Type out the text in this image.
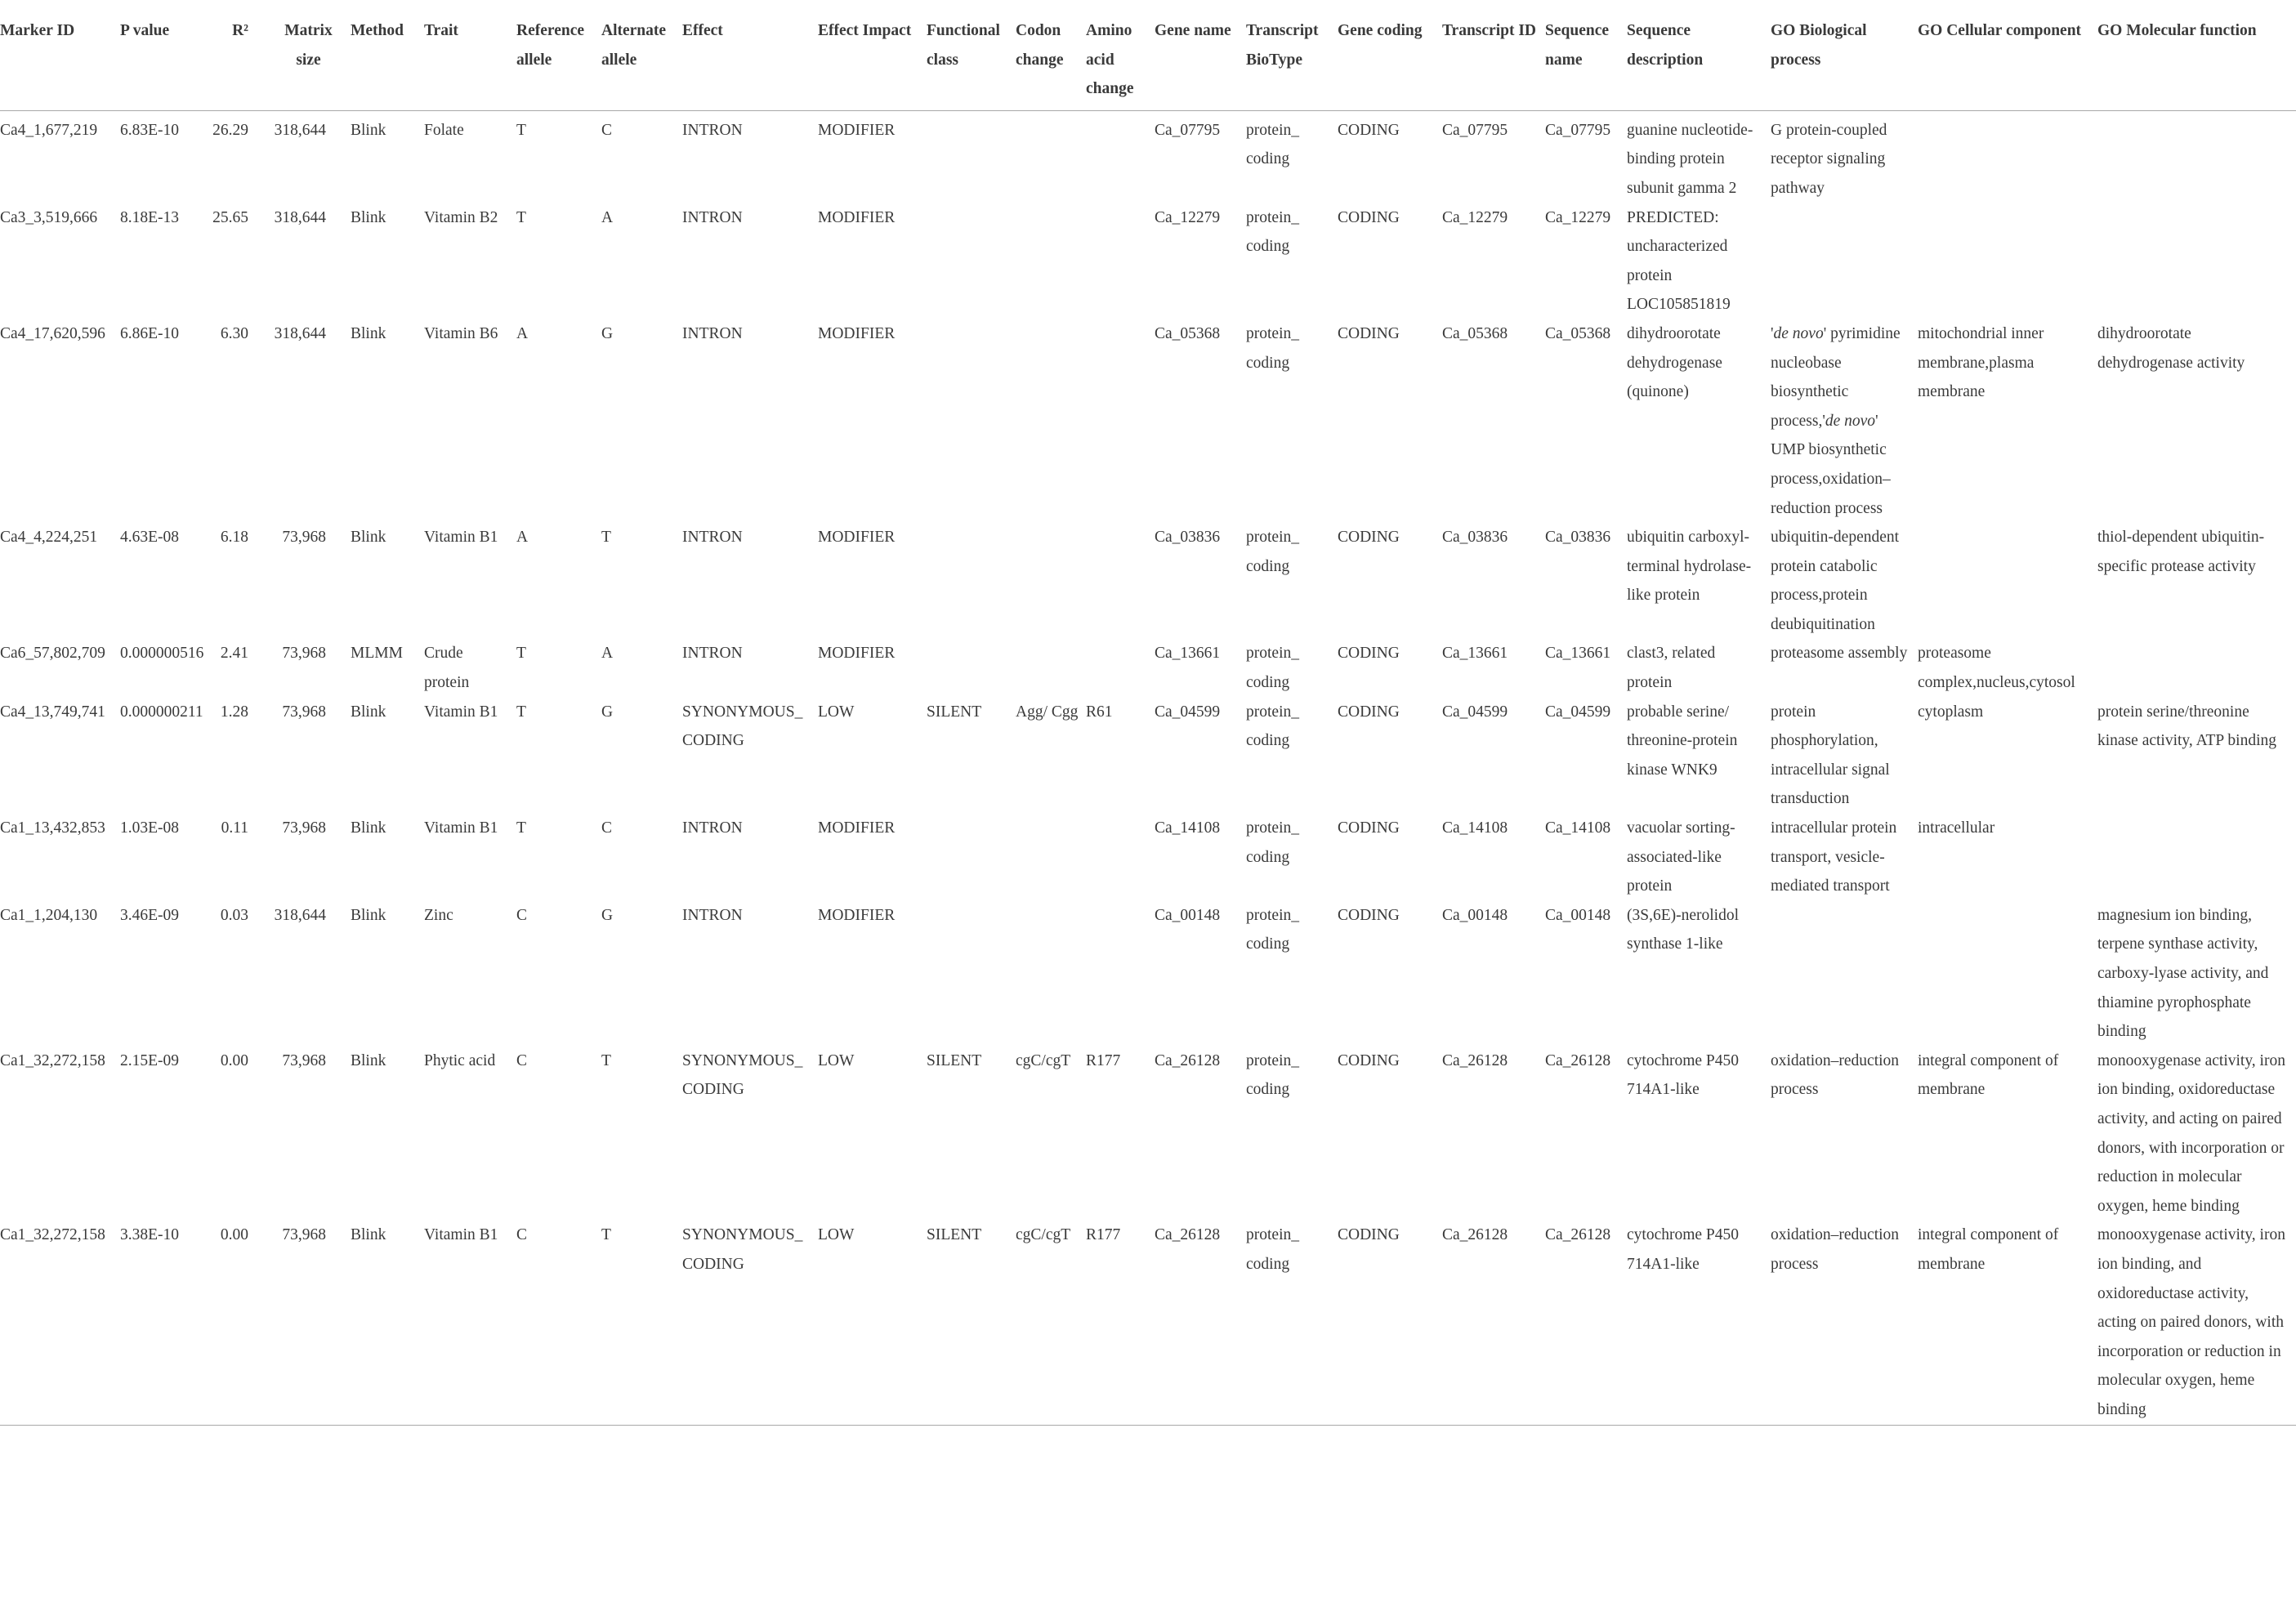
Marker ID	P value	R²	Matrix size	Method	Trait	Reference allele	Alternate allele	Effect	Effect Impact	Functional class	Codon change	Amino acid change	Gene name	Transcript BioType	Gene coding	Transcript ID	Sequence name	Sequence description	GO Biological process	GO Cellular component	GO Molecular function
Ca4_1,677,219	6.83E-10	26.29	318,644	Blink	Folate	T	C	INTRON	MODIFIER				Ca_07795	protein_ coding	CODING	Ca_07795	Ca_07795	guanine nucleotide-binding protein subunit gamma 2	G protein-coupled receptor signaling pathway		
Ca3_3,519,666	8.18E-13	25.65	318,644	Blink	Vitamin B2	T	A	INTRON	MODIFIER				Ca_12279	protein_ coding	CODING	Ca_12279	Ca_12279	PREDICTED: uncharacterized protein LOC105851819			
Ca4_17,620,596	6.86E-10	6.30	318,644	Blink	Vitamin B6	A	G	INTRON	MODIFIER				Ca_05368	protein_ coding	CODING	Ca_05368	Ca_05368	dihydroorotate dehydrogenase (quinone)	'de novo' pyrimidine nucleobase biosynthetic process,'de novo' UMP biosynthetic process,oxidation–reduction process	mitochondrial inner membrane,plasma membrane	dihydroorotate dehydrogenase activity
Ca4_4,224,251	4.63E-08	6.18	73,968	Blink	Vitamin B1	A	T	INTRON	MODIFIER				Ca_03836	protein_ coding	CODING	Ca_03836	Ca_03836	ubiquitin carboxyl-terminal hydrolase-like protein	ubiquitin-dependent protein catabolic process,protein deubiquitination		thiol-dependent ubiquitin-specific protease activity
Ca6_57,802,709	0.000000516	2.41	73,968	MLMM	Crude protein	T	A	INTRON	MODIFIER				Ca_13661	protein_ coding	CODING	Ca_13661	Ca_13661	clast3, related protein	proteasome assembly	proteasome complex,nucleus,cytosol	
Ca4_13,749,741	0.000000211	1.28	73,968	Blink	Vitamin B1	T	G	SYNONYMOUS_ CODING	LOW	SILENT	Agg/ Cgg	R61	Ca_04599	protein_ coding	CODING	Ca_04599	Ca_04599	probable serine/ threonine-protein kinase WNK9	protein phosphorylation, intracellular signal transduction	cytoplasm	protein serine/threonine kinase activity, ATP binding
Ca1_13,432,853	1.03E-08	0.11	73,968	Blink	Vitamin B1	T	C	INTRON	MODIFIER				Ca_14108	protein_ coding	CODING	Ca_14108	Ca_14108	vacuolar sorting-associated-like protein	intracellular protein transport, vesicle-mediated transport	intracellular	
Ca1_1,204,130	3.46E-09	0.03	318,644	Blink	Zinc	C	G	INTRON	MODIFIER				Ca_00148	protein_ coding	CODING	Ca_00148	Ca_00148	(3S,6E)-nerolidol synthase 1-like			magnesium ion binding, terpene synthase activity, carboxy-lyase activity, and thiamine pyrophosphate binding
Ca1_32,272,158	2.15E-09	0.00	73,968	Blink	Phytic acid	C	T	SYNONYMOUS_ CODING	LOW	SILENT	cgC/cgT	R177	Ca_26128	protein_ coding	CODING	Ca_26128	Ca_26128	cytochrome P450 714A1-like	oxidation–reduction process	integral component of membrane	monooxygenase activity, iron ion binding, oxidoreductase activity, and acting on paired donors, with incorporation or reduction in molecular oxygen, heme binding
Ca1_32,272,158	3.38E-10	0.00	73,968	Blink	Vitamin B1	C	T	SYNONYMOUS_ CODING	LOW	SILENT	cgC/cgT	R177	Ca_26128	protein_ coding	CODING	Ca_26128	Ca_26128	cytochrome P450 714A1-like	oxidation–reduction process	integral component of membrane	monooxygenase activity, iron ion binding, and oxidoreductase activity, acting on paired donors, with incorporation or reduction in molecular oxygen, heme binding
